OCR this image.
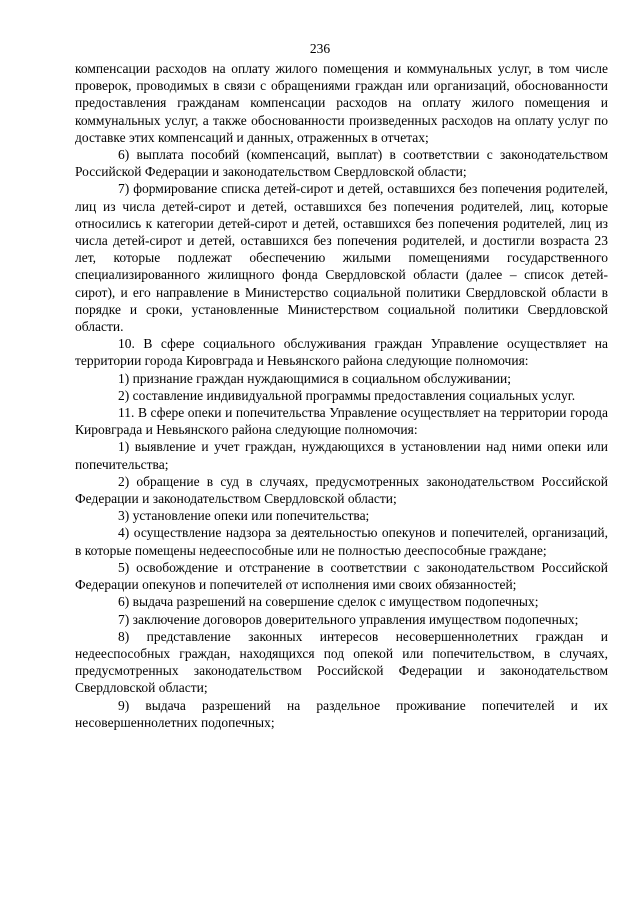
236

компенсации расходов на оплату жилого помещения и коммунальных услуг, в том числе проверок, проводимых в связи с обращениями граждан или организаций, обоснованности предоставления гражданам компенсации расходов на оплату жилого помещения и коммунальных услуг, а также обоснованности произведенных расходов на оплату услуг по доставке этих компенсаций и данных, отраженных в отчетах;

6) выплата пособий (компенсаций, выплат) в соответствии с законодательством Российской Федерации и законодательством Свердловской области;

7) формирование списка детей-сирот и детей, оставшихся без попечения родителей, лиц из числа детей-сирот и детей, оставшихся без попечения родителей, лиц, которые относились к категории детей-сирот и детей, оставшихся без попечения родителей, лиц из числа детей-сирот и детей, оставшихся без попечения родителей, и достигли возраста 23 лет, которые подлежат обеспечению жилыми помещениями государственного специализированного жилищного фонда Свердловской области (далее – список детей-сирот), и его направление в Министерство социальной политики Свердловской области в порядке и сроки, установленные Министерством социальной политики Свердловской области.

10. В сфере социального обслуживания граждан Управление осуществляет на территории города Кировграда и Невьянского района следующие полномочия:

1) признание граждан нуждающимися в социальном обслуживании;

2) составление индивидуальной программы предоставления социальных услуг.

11. В сфере опеки и попечительства Управление осуществляет на территории города Кировграда и Невьянского района следующие полномочия:

1) выявление и учет граждан, нуждающихся в установлении над ними опеки или попечительства;

2) обращение в суд в случаях, предусмотренных законодательством Российской Федерации и законодательством Свердловской области;

3) установление опеки или попечительства;

4) осуществление надзора за деятельностью опекунов и попечителей, организаций, в которые помещены недееспособные или не полностью дееспособные граждане;

5) освобождение и отстранение в соответствии с законодательством Российской Федерации опекунов и попечителей от исполнения ими своих обязанностей;

6) выдача разрешений на совершение сделок с имуществом подопечных;

7) заключение договоров доверительного управления имуществом подопечных;

8) представление законных интересов несовершеннолетних граждан и недееспособных граждан, находящихся под опекой или попечительством, в случаях, предусмотренных законодательством Российской Федерации и законодательством Свердловской области;

9) выдача разрешений на раздельное проживание попечителей и их несовершеннолетних подопечных;
